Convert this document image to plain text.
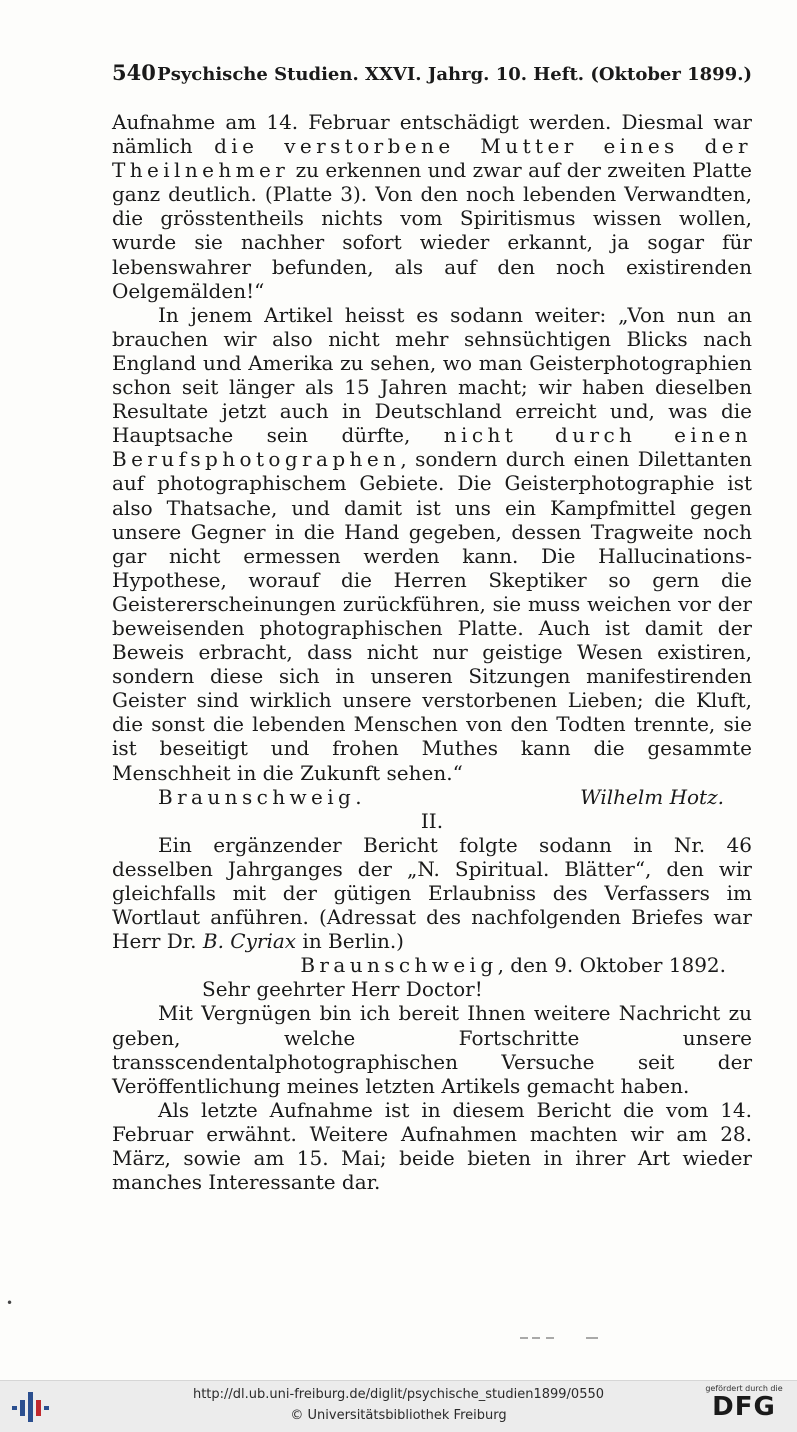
540 Psychische Studien. XXVI. Jahrg. 10. Heft. (Oktober 1899.)

Aufnahme am 14. Februar entschädigt werden. Diesmal war nämlich die verstorbene Mutter eines der Theilnehmer zu erkennen und zwar auf der zweiten Platte ganz deutlich. (Platte 3). Von den noch lebenden Verwandten, die grösstentheils nichts vom Spiritismus wissen wollen, wurde sie nachher sofort wieder erkannt, ja sogar für lebenswahrer befunden, als auf den noch existirenden Oelgemälden!“

In jenem Artikel heisst es sodann weiter: „Von nun an brauchen wir also nicht mehr sehnsüchtigen Blicks nach England und Amerika zu sehen, wo man Geisterphotographien schon seit länger als 15 Jahren macht; wir haben dieselben Resultate jetzt auch in Deutschland erreicht und, was die Hauptsache sein dürfte, nicht durch einen Berufsphotographen, sondern durch einen Dilettanten auf photographischem Gebiete. Die Geisterphotographie ist also Thatsache, und damit ist uns ein Kampfmittel gegen unsere Gegner in die Hand gegeben, dessen Tragweite noch gar nicht ermessen werden kann. Die Hallucinations-Hypothese, worauf die Herren Skeptiker so gern die Geistererscheinungen zurückführen, sie muss weichen vor der beweisenden photographischen Platte. Auch ist damit der Beweis erbracht, dass nicht nur geistige Wesen existiren, sondern diese sich in unseren Sitzungen manifestirenden Geister sind wirklich unsere verstorbenen Lieben; die Kluft, die sonst die lebenden Menschen von den Todten trennte, sie ist beseitigt und frohen Muthes kann die gesammte Menschheit in die Zukunft sehen.“

Braunschweig.	Wilhelm Hotz.
II.

Ein ergänzender Bericht folgte sodann in Nr. 46 desselben Jahrganges der „N. Spiritual. Blätter“, den wir gleichfalls mit der gütigen Erlaubniss des Verfassers im Wortlaut anführen. (Adressat des nachfolgenden Briefes war Herr Dr. B. Cyriax in Berlin.)

Braunschweig, den 9. Oktober 1892.
Sehr geehrter Herr Doctor!

Mit Vergnügen bin ich bereit Ihnen weitere Nachricht zu geben, welche Fortschritte unsere transscendentalphotographischen Versuche seit der Veröffentlichung meines letzten Artikels gemacht haben.

Als letzte Aufnahme ist in diesem Bericht die vom 14. Februar erwähnt. Weitere Aufnahmen machten wir am 28. März, sowie am 15. Mai; beide bieten in ihrer Art wieder manches Interessante dar.

•
http://dl.ub.uni-freiburg.de/diglit/psychische_studien1899/0550
© Universitätsbibliothek Freiburg
gefördert durch die
DFG
